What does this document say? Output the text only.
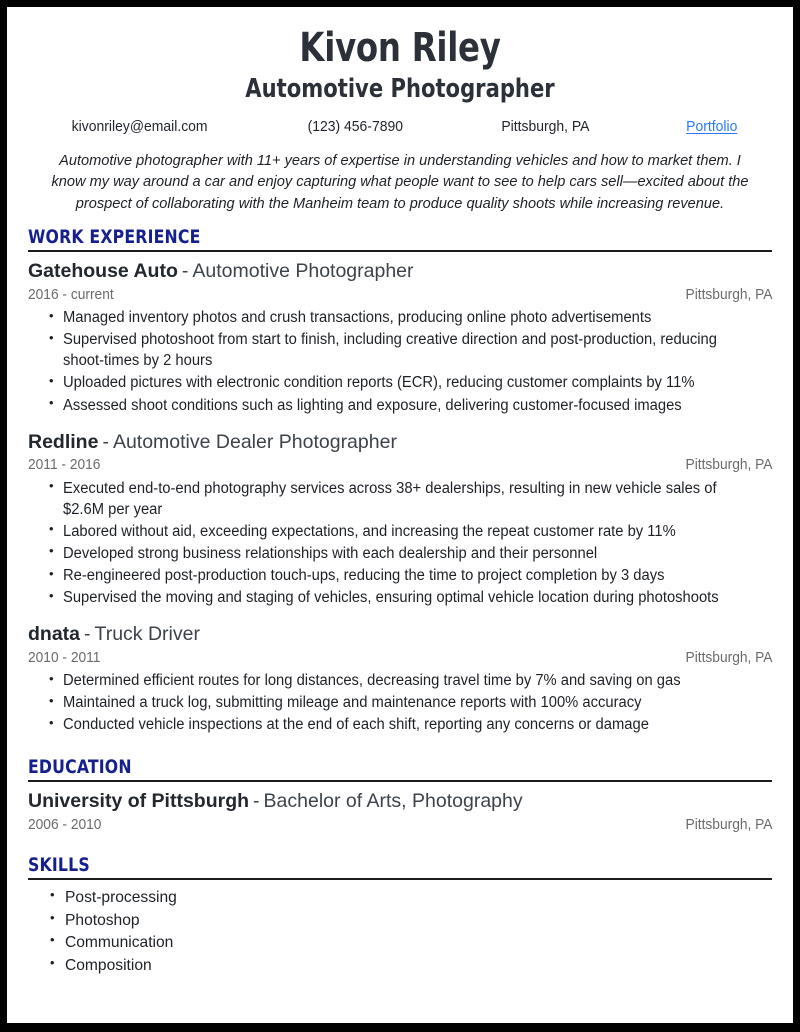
Kivon Riley
Automotive Photographer
kivonriley@email.com	(123) 456-7890	Pittsburgh, PA	Portfolio
Automotive photographer with 11+ years of expertise in understanding vehicles and how to market them. I know my way around a car and enjoy capturing what people want to see to help cars sell—excited about the prospect of collaborating with the Manheim team to produce quality shoots while increasing revenue.
WORK EXPERIENCE
Gatehouse Auto - Automotive Photographer
2016 - current	Pittsburgh, PA
• Managed inventory photos and crush transactions, producing online photo advertisements
• Supervised photoshoot from start to finish, including creative direction and post-production, reducing shoot-times by 2 hours
• Uploaded pictures with electronic condition reports (ECR), reducing customer complaints by 11%
• Assessed shoot conditions such as lighting and exposure, delivering customer-focused images
Redline - Automotive Dealer Photographer
2011 - 2016	Pittsburgh, PA
• Executed end-to-end photography services across 38+ dealerships, resulting in new vehicle sales of $2.6M per year
• Labored without aid, exceeding expectations, and increasing the repeat customer rate by 11%
• Developed strong business relationships with each dealership and their personnel
• Re-engineered post-production touch-ups, reducing the time to project completion by 3 days
• Supervised the moving and staging of vehicles, ensuring optimal vehicle location during photoshoots
dnata - Truck Driver
2010 - 2011	Pittsburgh, PA
• Determined efficient routes for long distances, decreasing travel time by 7% and saving on gas
• Maintained a truck log, submitting mileage and maintenance reports with 100% accuracy
• Conducted vehicle inspections at the end of each shift, reporting any concerns or damage
EDUCATION
University of Pittsburgh - Bachelor of Arts, Photography
2006 - 2010	Pittsburgh, PA
SKILLS
• Post-processing
• Photoshop
• Communication
• Composition
